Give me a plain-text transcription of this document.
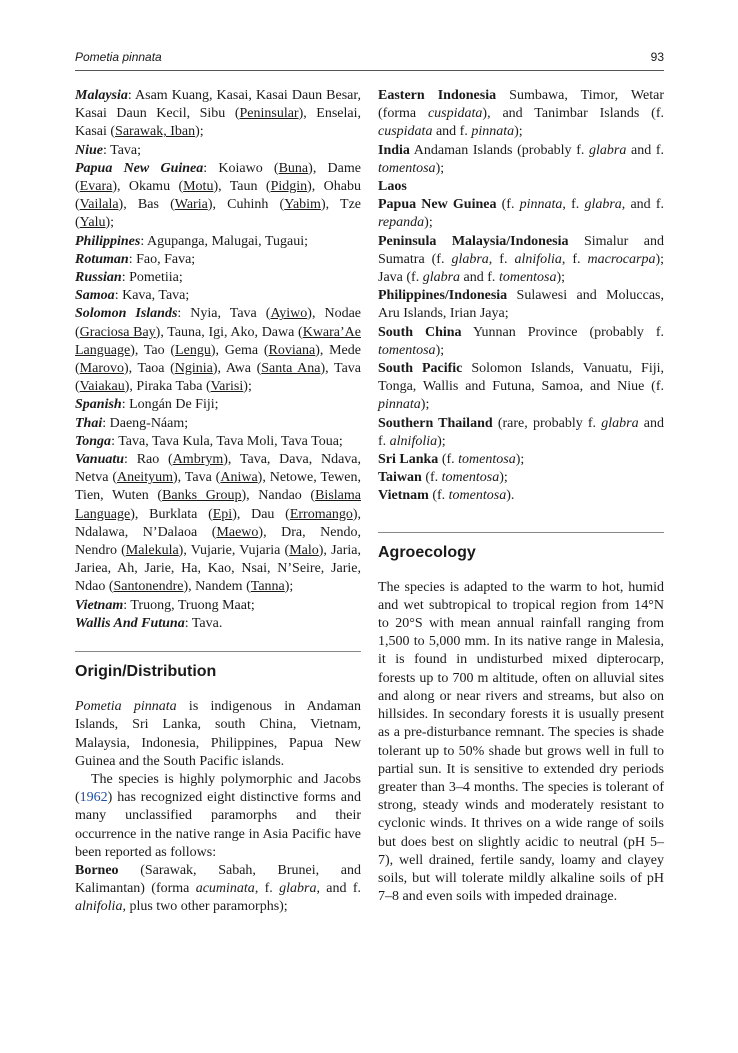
Pometia pinnata	93

Malaysia: Asam Kuang, Kasai, Kasai Daun Besar, Kasai Daun Kecil, Sibu (Peninsular), Enselai, Kasai (Sarawak, Iban);

Niue: Tava;

Papua New Guinea: Koiawo (Buna), Dame (Evara), Okamu (Motu), Taun (Pidgin), Ohabu (Vailala), Bas (Waria), Cuhinh (Yabim), Tze (Yalu);

Philippines: Agupanga, Malugai, Tugaui;

Rotuman: Fao, Fava;

Russian: Pometiia;

Samoa: Kava, Tava;

Solomon Islands: Nyia, Tava (Ayiwo), Nodae (Graciosa Bay), Tauna, Igi, Ako, Dawa (Kwara’Ae Language), Tao (Lengu), Gema (Roviana), Mede (Marovo), Taoa (Nginia), Awa (Santa Ana), Tava (Vaiakau), Piraka Taba (Varisi);

Spanish: Longán De Fiji;

Thai: Daeng-Náam;

Tonga: Tava, Tava Kula, Tava Moli, Tava Toua;

Vanuatu: Rao (Ambrym), Tava, Dava, Ndava, Netva (Aneityum), Tava (Aniwa), Netowe, Tewen, Tien, Wuten (Banks Group), Nandao (Bislama Language), Burklata (Epi), Dau (Erromango), Ndalawa, N’Dalaoa (Maewo), Dra, Nendo, Nendro (Malekula), Vujarie, Vujaria (Malo), Jaria, Jariea, Ah, Jarie, Ha, Kao, Nsai, N’Seire, Jarie, Ndao (Santonendre), Nandem (Tanna);

Vietnam: Truong, Truong Maat;

Wallis And Futuna: Tava.

Origin/Distribution

Pometia pinnata is indigenous in Andaman Islands, Sri Lanka, south China, Vietnam, Malaysia, Indonesia, Philippines, Papua New Guinea and the South Pacific islands.

The species is highly polymorphic and Jacobs (1962) has recognized eight distinctive forms and many unclassified paramorphs and their occurrence in the native range in Asia Pacific have been reported as follows:

Borneo (Sarawak, Sabah, Brunei, and Kalimantan) (forma acuminata, f. glabra, and f. alnifolia, plus two other paramorphs);

Eastern Indonesia Sumbawa, Timor, Wetar (forma cuspidata), and Tanimbar Islands (f. cuspidata and f. pinnata);

India Andaman Islands (probably f. glabra and f. tomentosa);

Laos

Papua New Guinea (f. pinnata, f. glabra, and f. repanda);

Peninsula Malaysia/Indonesia Simalur and Sumatra (f. glabra, f. alnifolia, f. macrocarpa); Java (f. glabra and f. tomentosa);

Philippines/Indonesia Sulawesi and Moluccas, Aru Islands, Irian Jaya;

South China Yunnan Province (probably f. tomentosa);

South Pacific Solomon Islands, Vanuatu, Fiji, Tonga, Wallis and Futuna, Samoa, and Niue (f. pinnata);

Southern Thailand (rare, probably f. glabra and f. alnifolia);

Sri Lanka (f. tomentosa);

Taiwan (f. tomentosa);

Vietnam (f. tomentosa).

Agroecology

The species is adapted to the warm to hot, humid and wet subtropical to tropical region from 14°N to 20°S with mean annual rainfall ranging from 1,500 to 5,000 mm. In its native range in Malesia, it is found in undisturbed mixed dipterocarp, forests up to 700 m altitude, often on alluvial sites and along or near rivers and streams, but also on hillsides. In secondary forests it is usually present as a pre-disturbance remnant. The species is shade tolerant up to 50% shade but grows well in full to partial sun. It is sensitive to extended dry periods greater than 3–4 months. The species is tolerant of strong, steady winds and moderately resistant to cyclonic winds. It thrives on a wide range of soils but does best on slightly acidic to neutral (pH 5–7), well drained, fertile sandy, loamy and clayey soils, but will tolerate mildly alkaline soils of pH 7–8 and even soils with impeded drainage.
